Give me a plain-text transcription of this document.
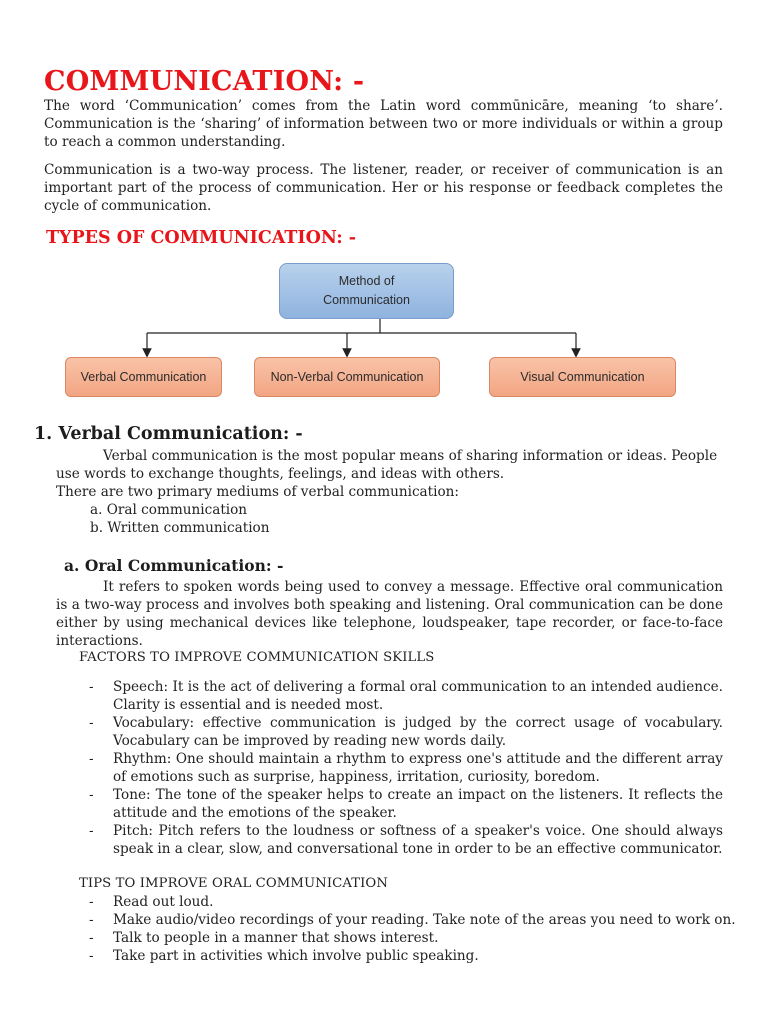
COMMUNICATION: -
The word ‘Communication’ comes from the Latin word commūnicāre, meaning ‘to share’. Communication is the ‘sharing’ of information between two or more individuals or within a group to reach a common understanding.
Communication is a two-way process. The listener, reader, or receiver of communication is an important part of the process of communication. Her or his response or feedback completes the cycle of communication.
TYPES OF COMMUNICATION: -
Method of
Communication
Verbal Communication	Non-Verbal Communication	Visual Communication
1. Verbal Communication: -
Verbal communication is the most popular means of sharing information or ideas. People use words to exchange thoughts, feelings, and ideas with others.
There are two primary mediums of verbal communication:
a. Oral communication
b. Written communication
a. Oral Communication: -
It refers to spoken words being used to convey a message. Effective oral communication is a two-way process and involves both speaking and listening. Oral communication can be done either by using mechanical devices like telephone, loudspeaker, tape recorder, or face-to-face interactions.
FACTORS TO IMPROVE COMMUNICATION SKILLS
- Speech: It is the act of delivering a formal oral communication to an intended audience. Clarity is essential and is needed most.
- Vocabulary: effective communication is judged by the correct usage of vocabulary. Vocabulary can be improved by reading new words daily.
- Rhythm: One should maintain a rhythm to express one's attitude and the different array of emotions such as surprise, happiness, irritation, curiosity, boredom.
- Tone: The tone of the speaker helps to create an impact on the listeners. It reflects the attitude and the emotions of the speaker.
- Pitch: Pitch refers to the loudness or softness of a speaker's voice. One should always speak in a clear, slow, and conversational tone in order to be an effective communicator.
TIPS TO IMPROVE ORAL COMMUNICATION
- Read out loud.
- Make audio/video recordings of your reading. Take note of the areas you need to work on.
- Talk to people in a manner that shows interest.
- Take part in activities which involve public speaking.
